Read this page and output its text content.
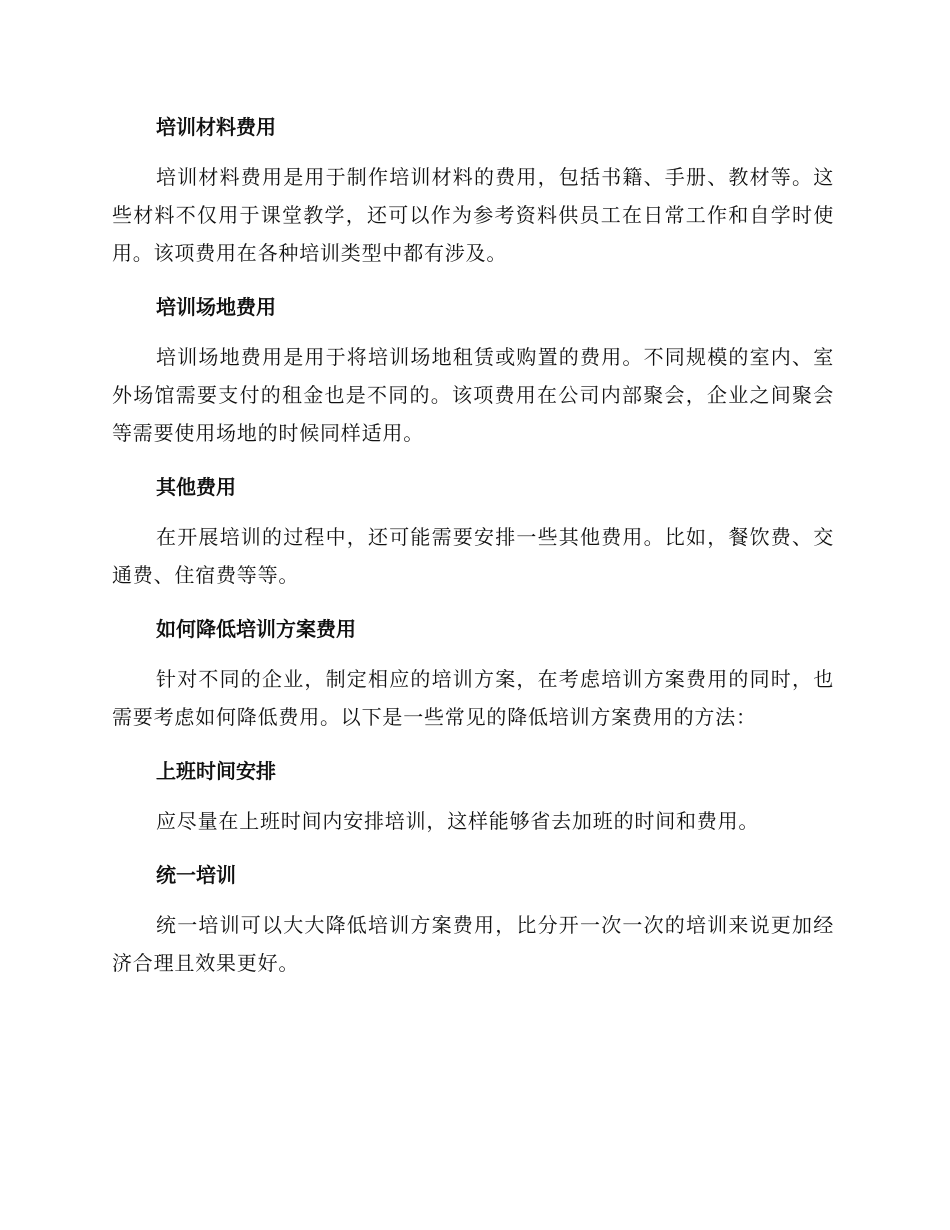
培训材料费用

培训材料费用是用于制作培训材料的费用，包括书籍、手册、教材等。这些材料不仅用于课堂教学，还可以作为参考资料供员工在日常工作和自学时使用。该项费用在各种培训类型中都有涉及。

培训场地费用

培训场地费用是用于将培训场地租赁或购置的费用。不同规模的室内、室外场馆需要支付的租金也是不同的。该项费用在公司内部聚会，企业之间聚会等需要使用场地的时候同样适用。

其他费用

在开展培训的过程中，还可能需要安排一些其他费用。比如，餐饮费、交通费、住宿费等等。

如何降低培训方案费用

针对不同的企业，制定相应的培训方案，在考虑培训方案费用的同时，也需要考虑如何降低费用。以下是一些常见的降低培训方案费用的方法：

上班时间安排

应尽量在上班时间内安排培训，这样能够省去加班的时间和费用。

统一培训

统一培训可以大大降低培训方案费用，比分开一次一次的培训来说更加经济合理且效果更好。
